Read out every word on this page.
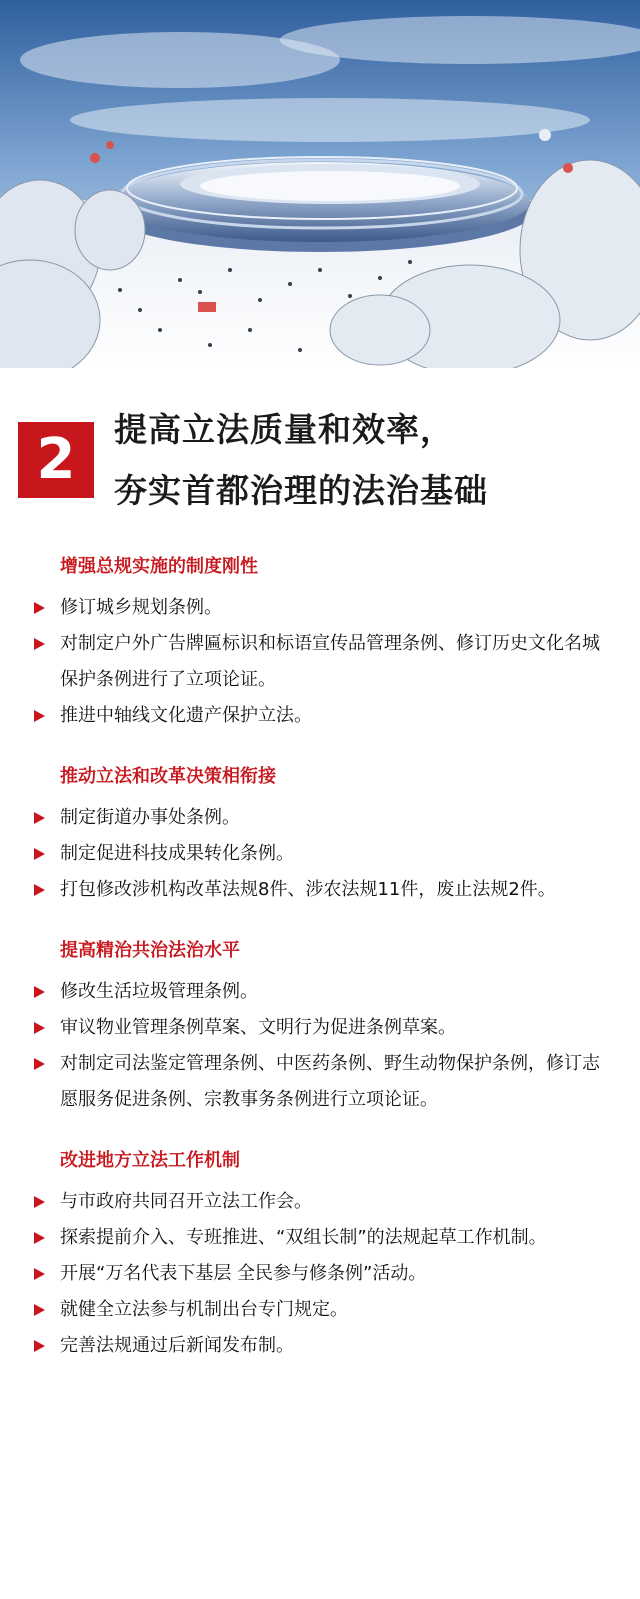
2	提高立法质量和效率，
夯实首都治理的法治基础
增强总规实施的制度刚性
修订城乡规划条例。
对制定户外广告牌匾标识和标语宣传品管理条例、修订历史文化名城保护条例进行了立项论证。
推进中轴线文化遗产保护立法。
推动立法和改革决策相衔接
制定街道办事处条例。
制定促进科技成果转化条例。
打包修改涉机构改革法规8件、涉农法规11件，废止法规2件。
提高精治共治法治水平
修改生活垃圾管理条例。
审议物业管理条例草案、文明行为促进条例草案。
对制定司法鉴定管理条例、中医药条例、野生动物保护条例，修订志愿服务促进条例、宗教事务条例进行立项论证。
改进地方立法工作机制
与市政府共同召开立法工作会。
探索提前介入、专班推进、“双组长制”的法规起草工作机制。
开展“万名代表下基层 全民参与修条例”活动。
就健全立法参与机制出台专门规定。
完善法规通过后新闻发布制。
